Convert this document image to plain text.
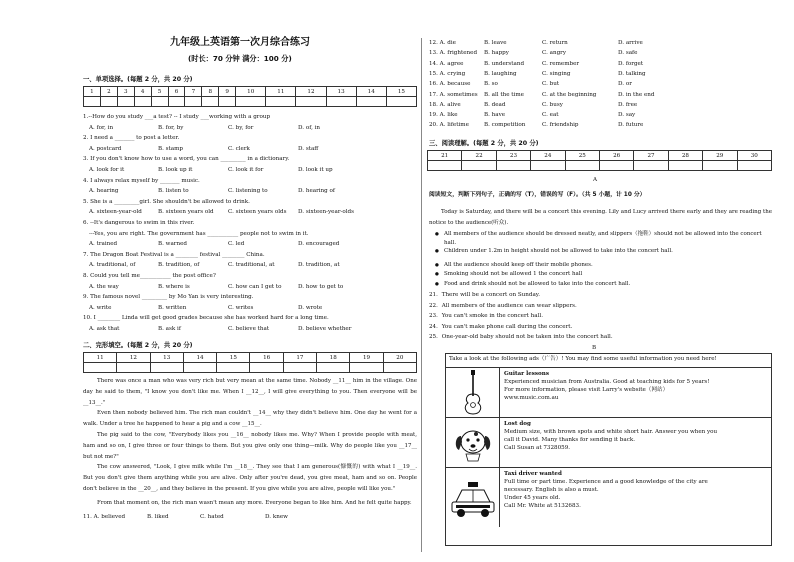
九年级上英语第一次月综合练习
(时长：70 分钟 满分：100 分)
一、单项选择。(每题 2 分，共 20 分)
1	2	3	4	5	6	7	8	9	10	11	12	13	14	15

1.--How do you study ___a test? -- I study ___working with a group
A. for, in	B. for, by	C. by, for	D. of, in
2. I need a _______ to post a letter.
A. postcard	B. stamp	C. clerk	D. staff
3. If you don't know how to use a word, you can _________ in a dictionary.
A. look for it	B. look up it	C. look it for	D. look it up
4. I always relax myself by _______ music.
A. hearing	B. listen to	C. listening to	D. hearing of
5. She is a _________girl. She shouldn't be allowed to drink.
A. sixteen-year-old	B. sixteen years old	C. sixteen years olds D. sixteen-year-olds
6. --It's dangerous to swim in this river.
---Yes, you are right. The government has ___________ people not to swim in it.
A. trained	B. warned	C. led	D. encouraged
7. The Dragon Boat Festival is a ________ festival ________ China.
A. traditional, of	B. tradition, of	C. traditional, at	D. tradition, at
8. Could you tell me___________ the post office?
A. the way	B. where is	C. how can I get to	D. how to get to
9. The famous novel _________ by Mo Yan is very interesting.
A. write	B. written	C. writes	D. wrote
10. I ________ Linda will get good grades because she has worked hard for a long time.
A. ask that	B. ask if	C. believe that	D. believe whether
二、完形填空。(每题 2 分，共 20 分)
11	12	13	14	15	16	17	18	19	20

There was once a man who was very rich but very mean at the same time. Nobody __11__ him in the village. One day he said to them, "I know you don't like me. When I __12__, I will give everything to you. Then everyone will be __13__."
Even then nobody believed him. The rich man couldn't __14__ why they didn't believe him. One day he went for a walk. Under a tree he happened to hear a pig and a cow __15__.
The pig said to the cow, "Everybody likes you __16__ nobody likes me. Why? When I provide people with meat, ham and so on, I give three or four things to them. But you give only one thing—milk. Why do people like you __17__ but not me?"
The cow answered, "Look, I give milk while I'm __18__. They see that I am generous(慷慨的) with what I __19__. But you don't give them anything while you are alive. Only after you're dead, you give meat, ham and so on. People don't believe in the __20__, and they believe in the present. If you give while you are alive, people will like you."
From that moment on, the rich man wasn't mean any more. Everyone began to like him. And he felt quite happy.
11. A. believed	B. liked	C. hated	D. knew
12. A. die	B. leave	C. return	D. arrive
13. A. frightened B. happy	C. angry	D. safe
14. A. agree	B. understand	C. remember	D. forget
15. A. crying	B. laughing	C. singing	D. talking
16. A. because B. so	C. but	D. or
17. A. sometimes B. all the time	C. at the beginning	D. in the end
18. A. alive	B. dead	C. busy	D. free
19. A. like	B. have	C. eat	D. say
20. A. lifetime	B. competition	C. friendship	D. future
三、阅读理解。(每题 2 分，共 20 分)
21	22	23	24	25	26	27	28	29	30

A
阅读短文，判断下列句子，正确的写（T），错误的写（F）。（共 5 小题，计 10 分）
Today is Saturday, and there will be a concert this evening. Lily and Lucy arrived there early and they are reading the notice to the audience(听众).
● All members of the audience should be dressed neatly, and slippers（拖鞋）should not be allowed into the concert hall.
● Children under 1.2m in height should not be allowed to take into the concert hall.
● All the audience should keep off their mobile phones.
● Smoking should not be allowed 1 the concert hall
● Food and drink should not be allowed to take into the concert hall.
21．There will be a concert on Sunday.
22．All members of the audience can wear slippers.
23．You can't smoke in the concert hall.
24．You can't make phone call during the concert.
25．One-year-old baby should not be taken into the concert hall.
B
Take a look at the following ads（广告）! You may find some useful information you need here!
Guitar lessons
Experienced musician from Australia. Good at teaching kids for 5 years!
For more information, please visit Larry's website（网站）
www.music.com.au
Lost dog
Medium size, with brown spots and white short hair. Answer you when you
call it David. Many thanks for sending it back.
Call Susan at 7328059.
Taxi driver wanted
Full time or part time. Experience and a good knowledge of the city are
necessary. English is also a must.
Under 45 years old.
Call Mr. White at 5132683.
